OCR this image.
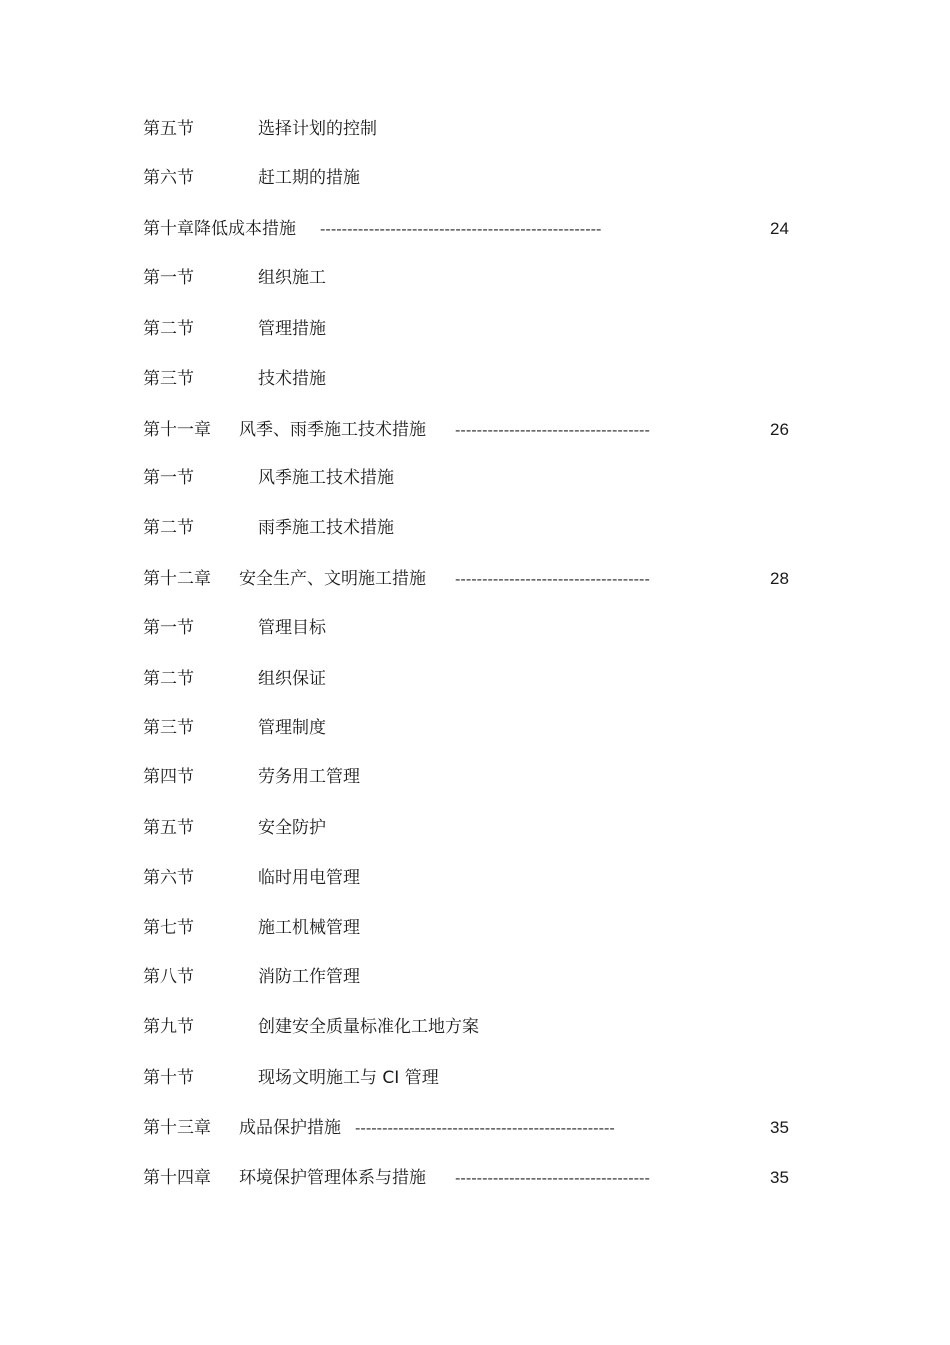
第五节	选择计划的控制
第六节	赶工期的措施
第十章降低成本措施 ----------------------------------------------------	24
第一节	组织施工
第二节	管理措施
第三节	技术措施
第十一章 风季、雨季施工技术措施 ------------------------------------	26
第一节	风季施工技术措施
第二节	雨季施工技术措施
第十二章 安全生产、文明施工措施 ------------------------------------	28
第一节	管理目标
第二节	组织保证
第三节	管理制度
第四节	劳务用工管理
第五节	安全防护
第六节	临时用电管理
第七节	施工机械管理
第八节	消防工作管理
第九节	创建安全质量标准化工地方案
第十节	现场文明施工与 CI 管理
第十三章 成品保护措施 ------------------------------------------------	35
第十四章 环境保护管理体系与措施 ------------------------------------	35
